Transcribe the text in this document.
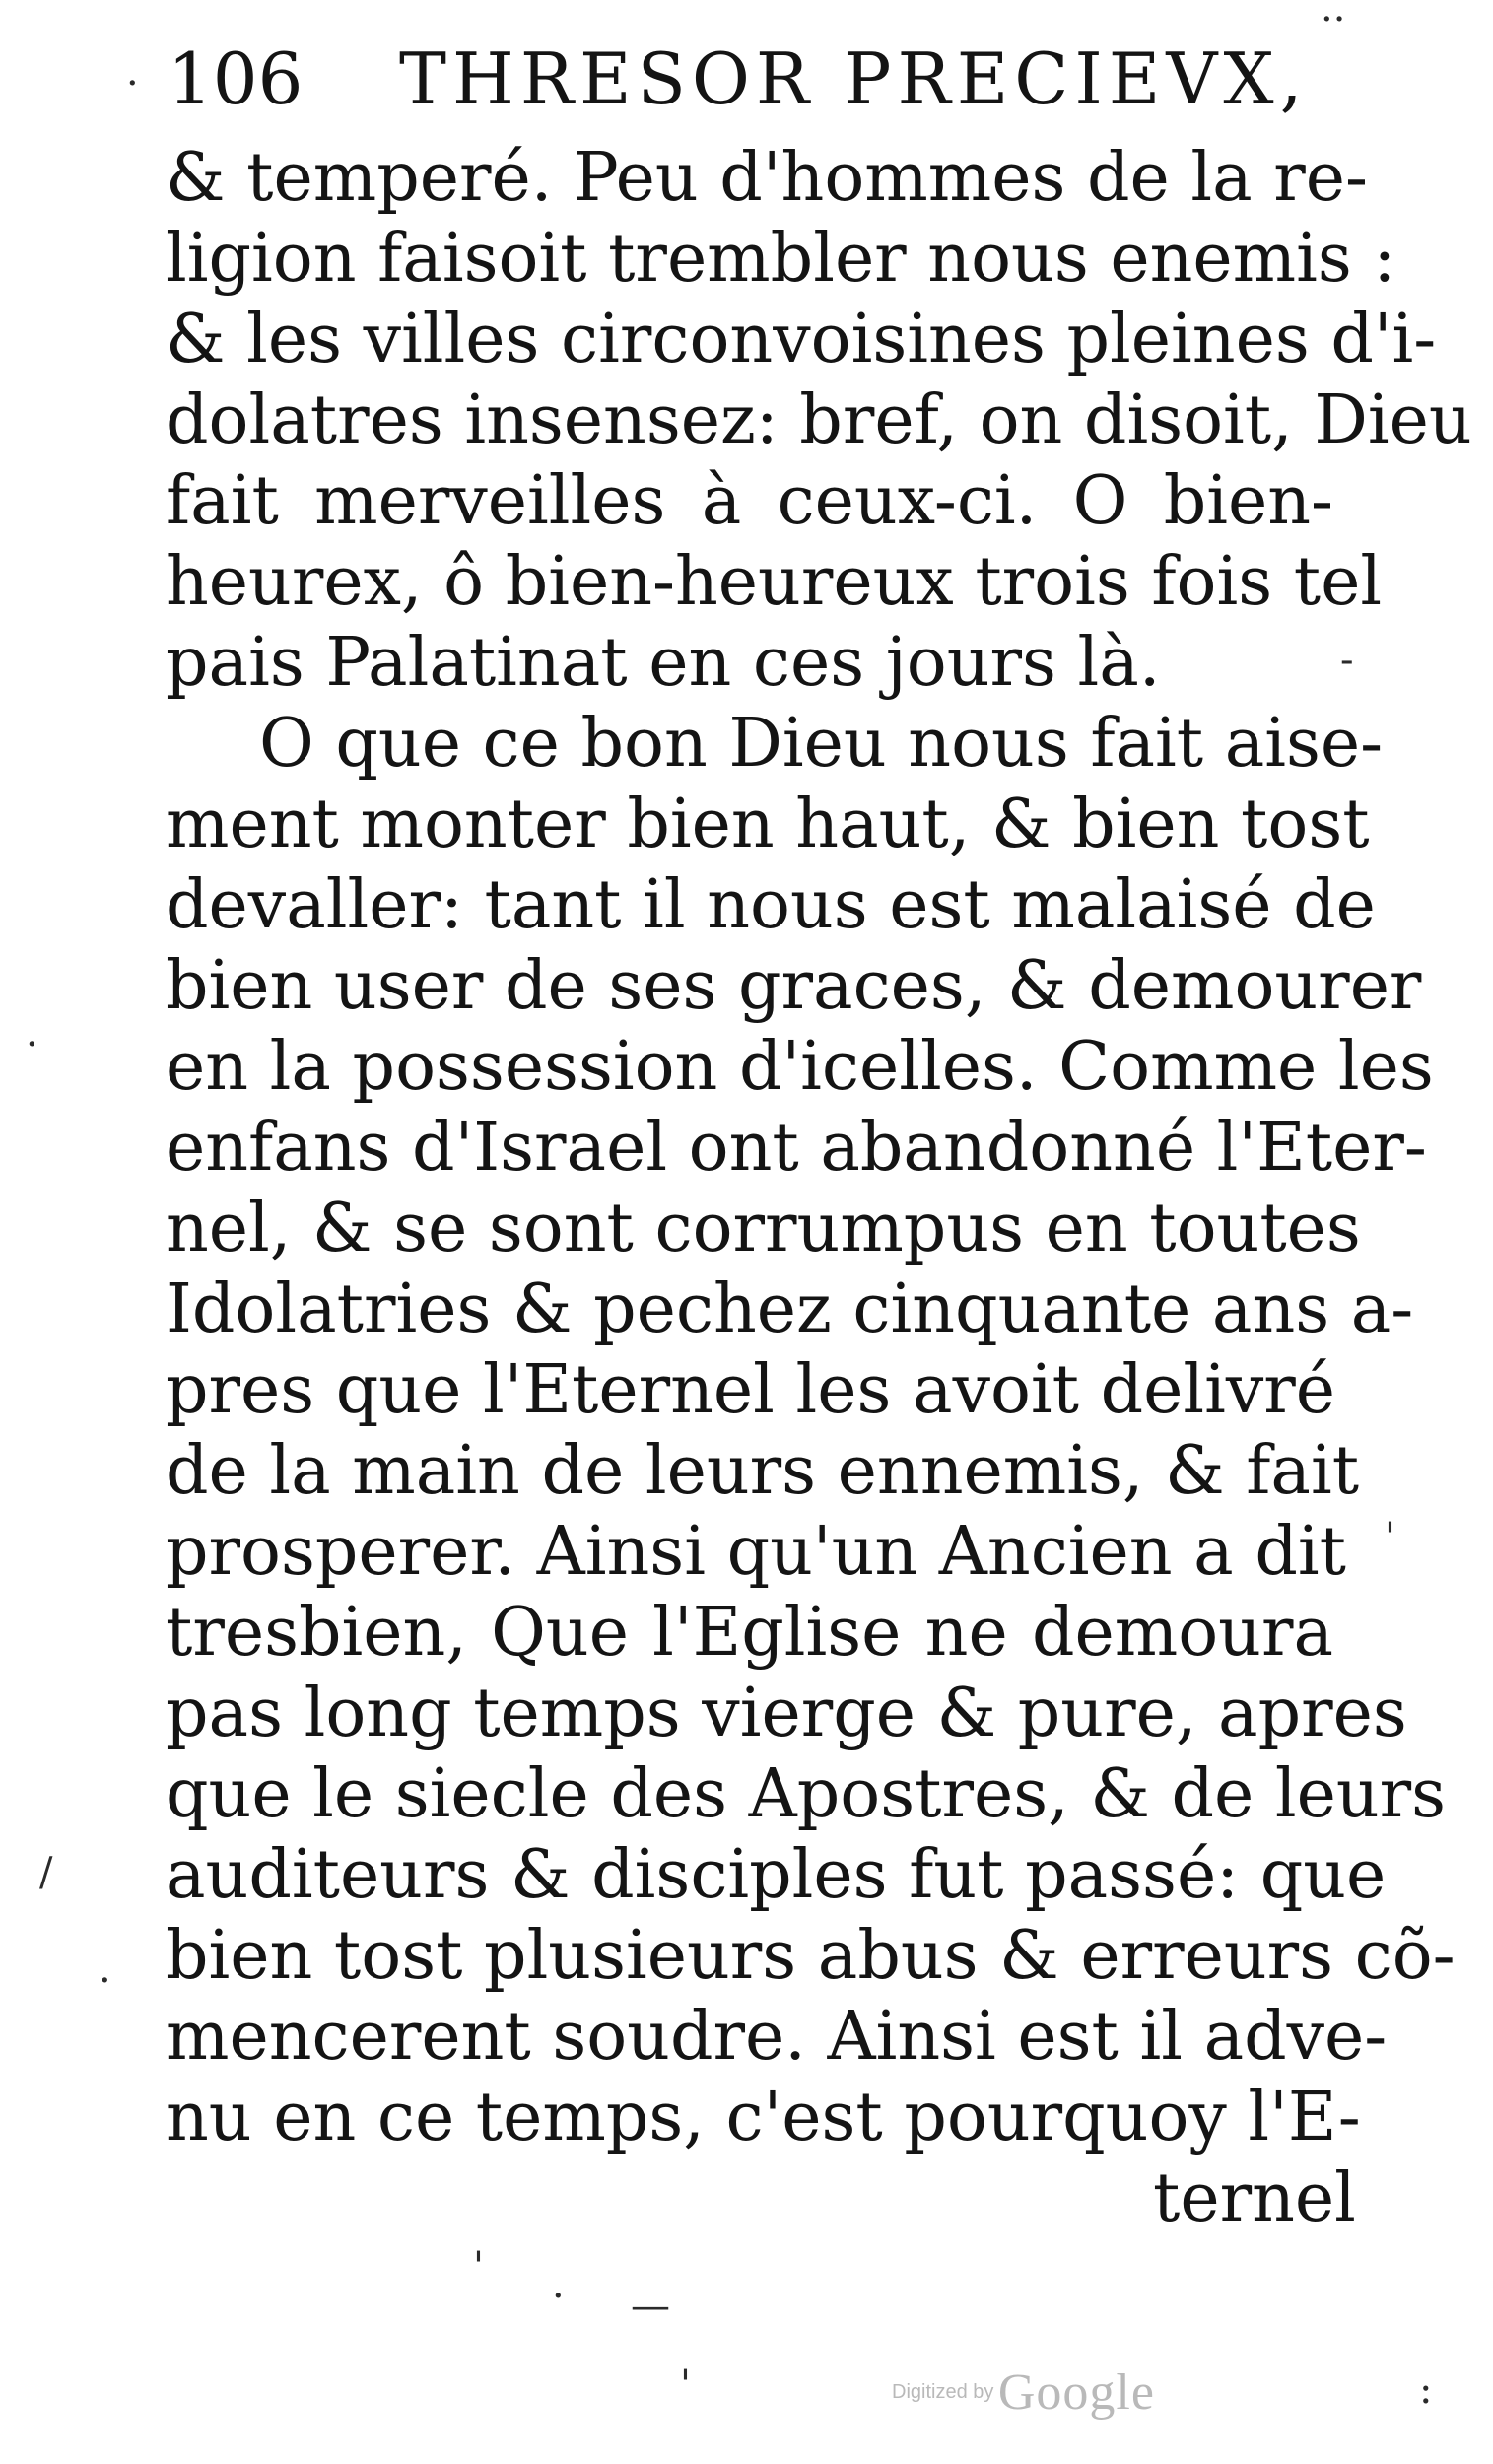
106 THRESOR PRECIEVX,
& temperé. Peu d'hommes de la re-
ligion faisoit trembler nous enemis :
& les villes circonvoisines pleines d'i-
dolatres insensez: bref, on disoit, Dieu
fait merveilles à ceux-ci. O bien-
heurex, ô bien-heureux trois fois tel
pais Palatinat en ces jours là.
O que ce bon Dieu nous fait aise-
ment monter bien haut, & bien tost
devaller: tant il nous est malaisé de
bien user de ses graces, & demourer
en la possession d'icelles. Comme les
enfans d'Israel ont abandonné l'Eter-
nel, & se sont corrumpus en toutes
Idolatries & pechez cinquante ans a-
pres que l'Eternel les avoit delivré
de la main de leurs ennemis, & fait
prosperer. Ainsi qu'un Ancien a dit
tresbien, Que l'Eglise ne demoura
pas long temps vierge & pure, apres
que le siecle des Apostres, & de leurs
auditeurs & disciples fut passé: que
bien tost plusieurs abus & erreurs cõ-
mencerent soudre. Ainsi est il adve-
nu en ce temps, c'est pourquoy l'E-
ternel
··
·
-
·
'
/
·
'
· —
'	:
Digitized by Google
